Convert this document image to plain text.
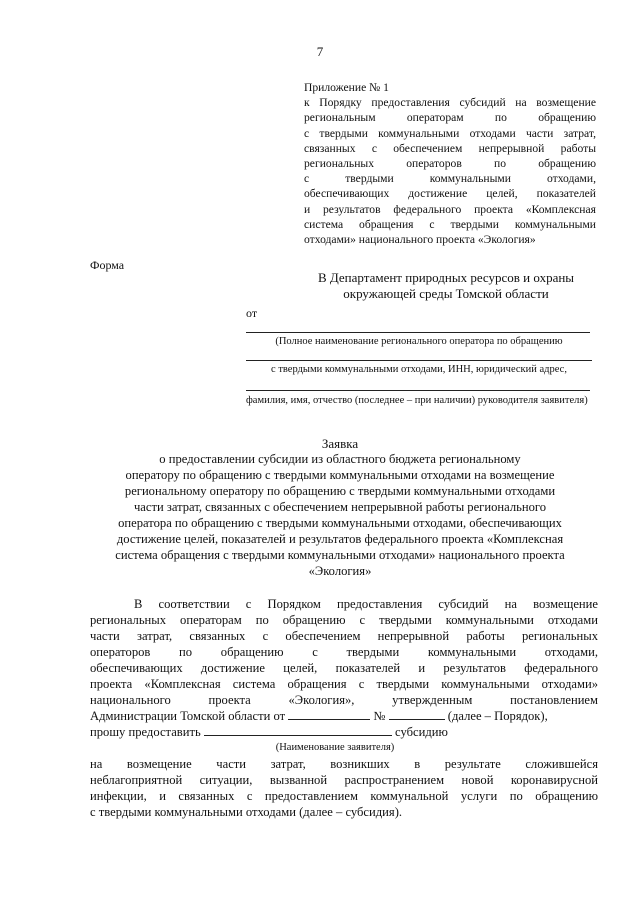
7
Приложение № 1
к Порядку предоставления субсидий на возмещение
региональным операторам по обращению
с твердыми коммунальными отходами части затрат,
связанных с обеспечением непрерывной работы
региональных операторов по обращению
с твердыми коммунальными отходами,
обеспечивающих достижение целей, показателей
и результатов федерального проекта «Комплексная
система обращения с твердыми коммунальными
отходами» национального проекта «Экология»
Форма
В Департамент природных ресурсов и охраны
окружающей среды Томской области
от
(Полное наименование регионального оператора по обращению
с твердыми коммунальными отходами, ИНН, юридический адрес,
фамилия, имя, отчество (последнее – при наличии) руководителя заявителя)
Заявка
о предоставлении субсидии из областного бюджета региональному
оператору по обращению с твердыми коммунальными отходами на возмещение
региональному оператору по обращению с твердыми коммунальными отходами
части затрат, связанных с обеспечением непрерывной работы регионального
оператора по обращению с твердыми коммунальными отходами, обеспечивающих
достижение целей, показателей и результатов федерального проекта «Комплексная
система обращения с твердыми коммунальными отходами» национального проекта
«Экология»
В соответствии с Порядком предоставления субсидий на возмещение
региональных операторам по обращению с твердыми коммунальными отходами
части затрат, связанных с обеспечением непрерывной работы региональных
операторов по обращению с твердыми коммунальными отходами,
обеспечивающих достижение целей, показателей и результатов федерального
проекта «Комплексная система обращения с твердыми коммунальными отходами»
национального проекта «Экология», утвержденным постановлением
Администрации Томской области от	№	(далее – Порядок),
прошу предоставить	субсидию
(Наименование заявителя)
на возмещение части затрат, возникших в результате сложившейся
неблагоприятной ситуации, вызванной распространением новой коронавирусной
инфекции, и связанных с предоставлением коммунальной услуги по обращению
с твердыми коммунальными отходами (далее – субсидия).
